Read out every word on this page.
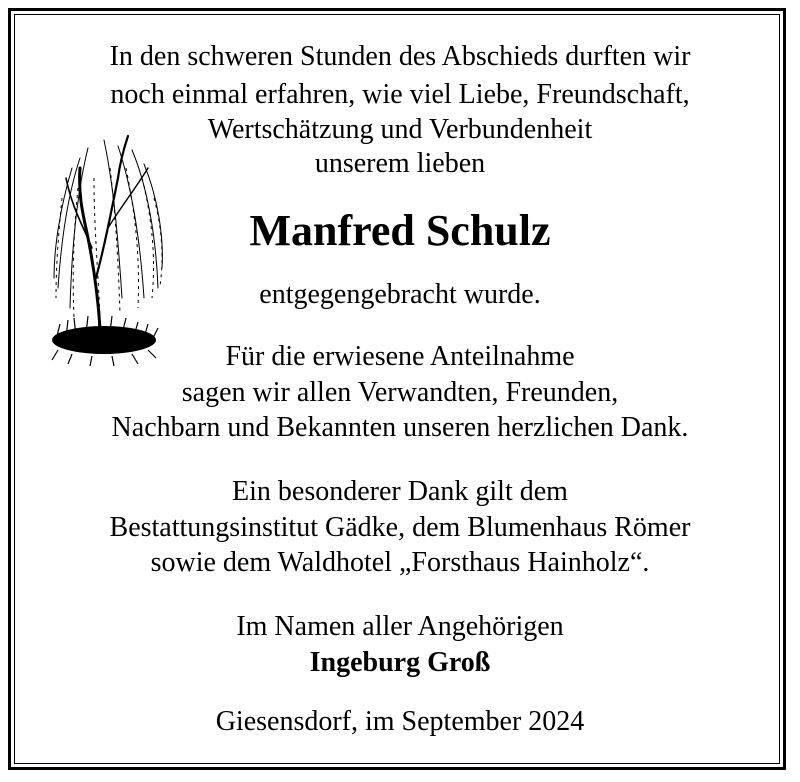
In den schweren Stunden des Abschieds durften wir
noch einmal erfahren, wie viel Liebe, Freundschaft,
Wertschätzung und Verbundenheit
unserem lieben
Manfred Schulz
entgegengebracht wurde.
Für die erwiesene Anteilnahme
sagen wir allen Verwandten, Freunden,
Nachbarn und Bekannten unseren herzlichen Dank.
Ein besonderer Dank gilt dem
Bestattungsinstitut Gädke, dem Blumenhaus Römer
sowie dem Waldhotel „Forsthaus Hainholz“.
Im Namen aller Angehörigen
Ingeburg Groß
Giesensdorf, im September 2024
